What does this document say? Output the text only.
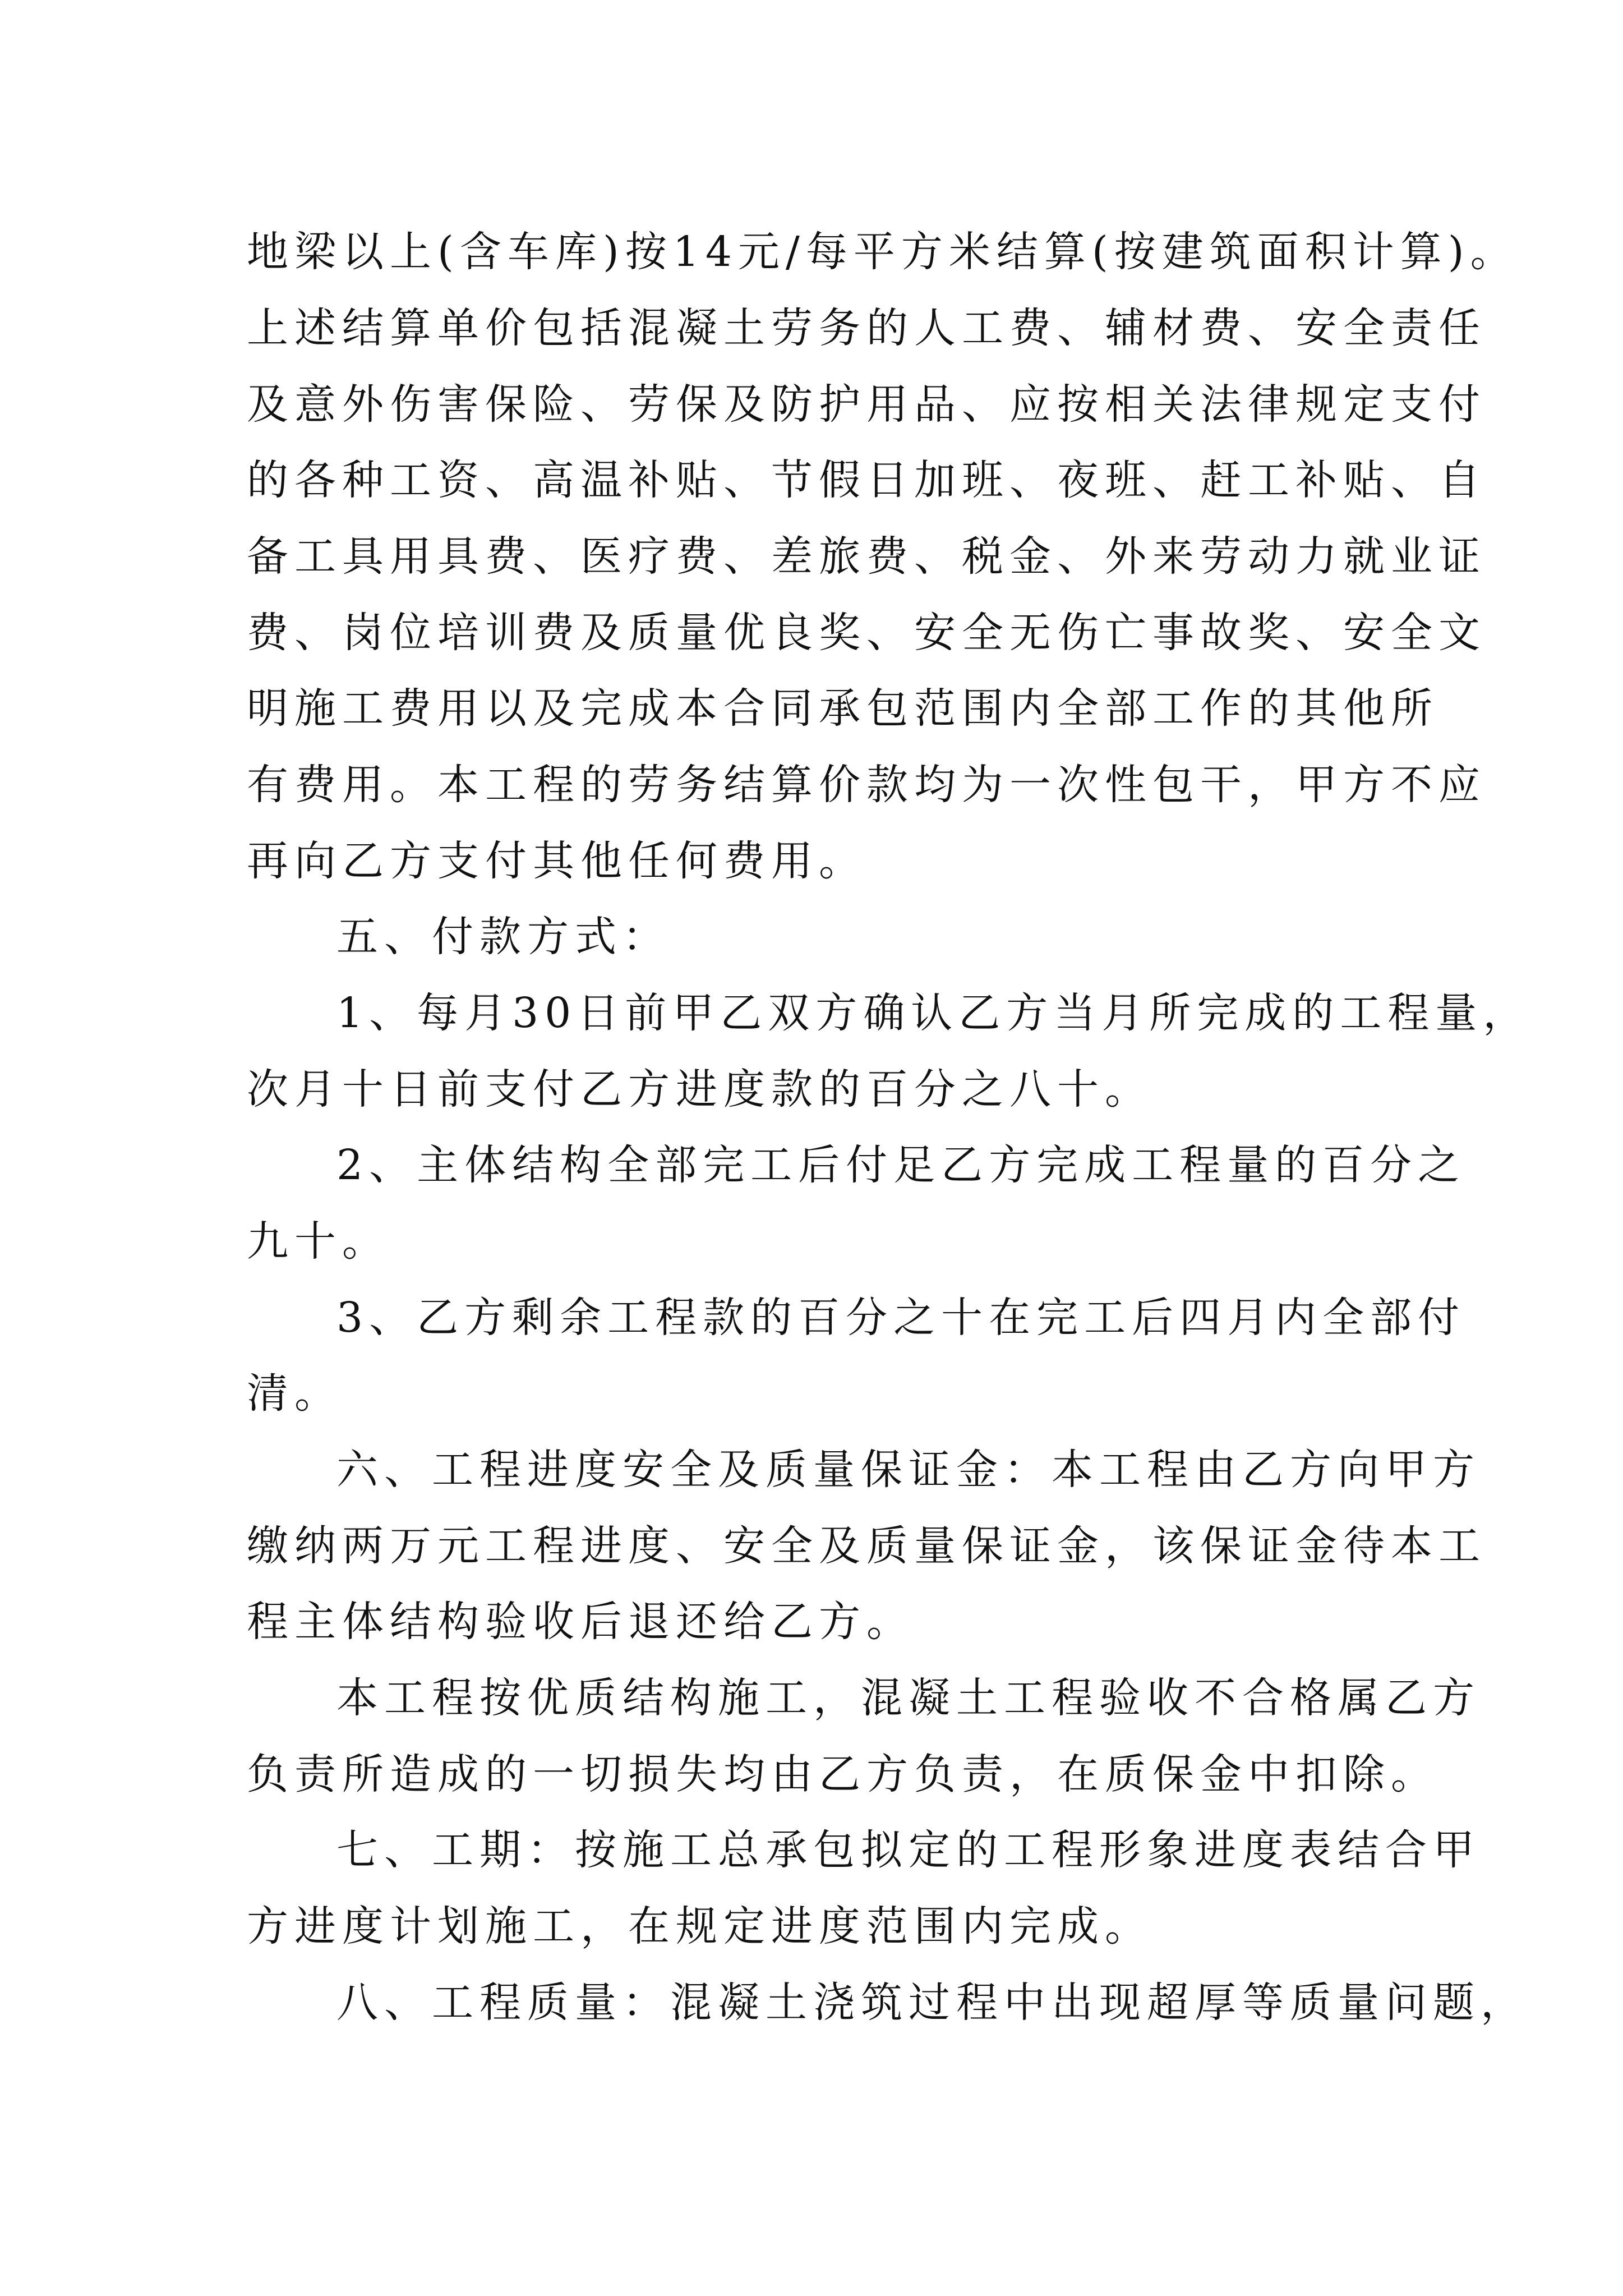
地梁以上(含车库)按14元/每平方米结算(按建筑面积计算)。

上述结算单价包括混凝土劳务的人工费、辅材费、安全责任

及意外伤害保险、劳保及防护用品、应按相关法律规定支付

的各种工资、高温补贴、节假日加班、夜班、赶工补贴、自

备工具用具费、医疗费、差旅费、税金、外来劳动力就业证

费、岗位培训费及质量优良奖、安全无伤亡事故奖、安全文

明施工费用以及完成本合同承包范围内全部工作的其他所

有费用。本工程的劳务结算价款均为一次性包干，甲方不应

再向乙方支付其他任何费用。

五、付款方式：

1、每月30日前甲乙双方确认乙方当月所完成的工程量，

次月十日前支付乙方进度款的百分之八十。

2、主体结构全部完工后付足乙方完成工程量的百分之

九十。

3、乙方剩余工程款的百分之十在完工后四月内全部付

清。

六、工程进度安全及质量保证金：本工程由乙方向甲方

缴纳两万元工程进度、安全及质量保证金，该保证金待本工

程主体结构验收后退还给乙方。

本工程按优质结构施工，混凝土工程验收不合格属乙方

负责所造成的一切损失均由乙方负责，在质保金中扣除。

七、工期：按施工总承包拟定的工程形象进度表结合甲

方进度计划施工，在规定进度范围内完成。

八、工程质量：混凝土浇筑过程中出现超厚等质量问题，
